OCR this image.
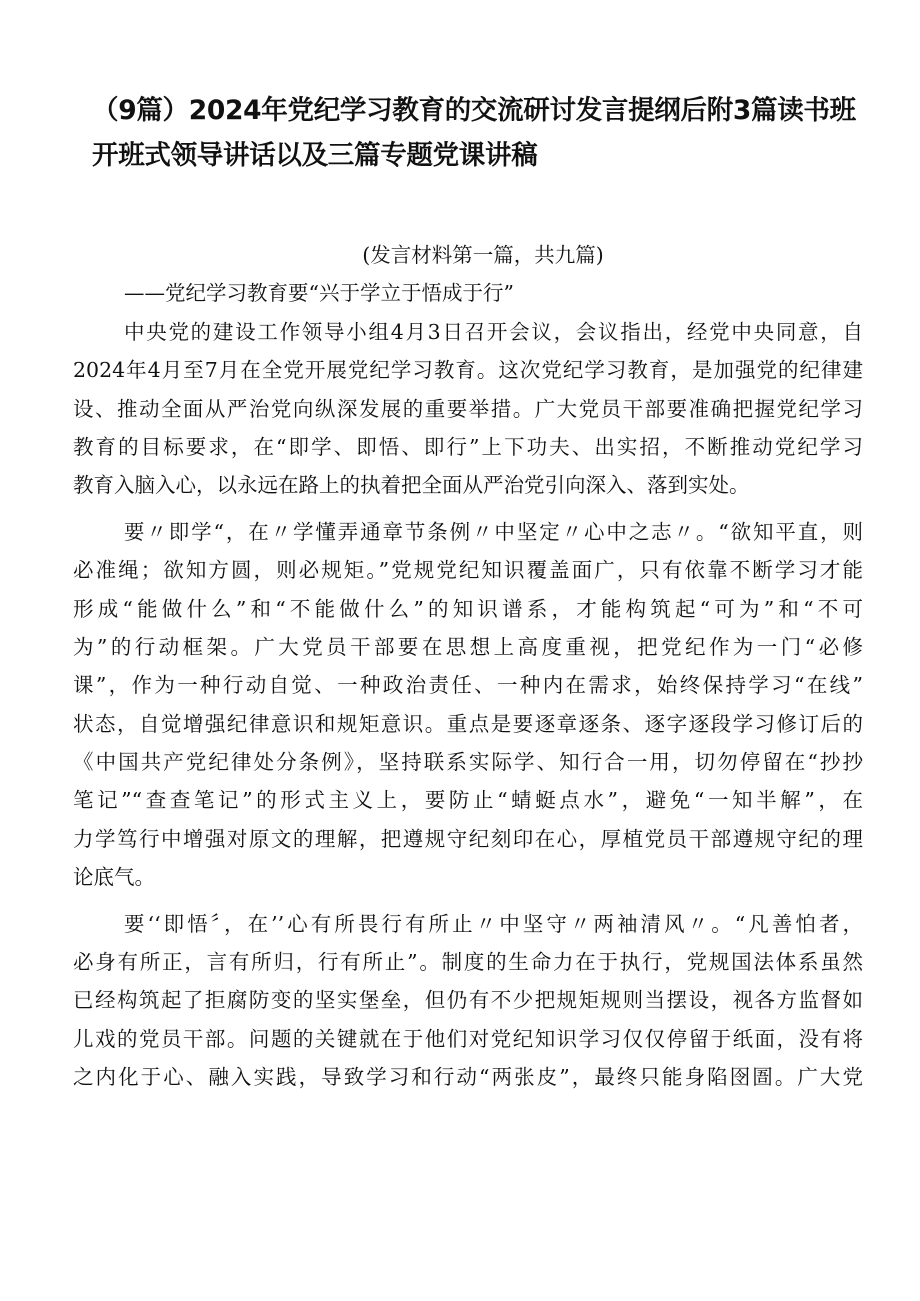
（9篇）2024年党纪学习教育的交流研讨发言提纲后附3篇读书班
开班式领导讲话以及三篇专题党课讲稿
(发言材料第一篇，共九篇)
——党纪学习教育要“兴于学立于悟成于行”
中央党的建设工作领导小组4月3日召开会议，会议指出，经党中央同意，自
2024年4月至7月在全党开展党纪学习教育。这次党纪学习教育，是加强党的纪律建
设、推动全面从严治党向纵深发展的重要举措。广大党员干部要准确把握党纪学习
教育的目标要求，在“即学、即悟、即行”上下功夫、出实招，不断推动党纪学习
教育入脑入心，以永远在路上的执着把全面从严治党引向深入、落到实处。
要〃即学“，在〃学懂弄通章节条例〃中坚定〃心中之志〃。“欲知平直，则
必准绳；欲知方圆，则必规矩。”党规党纪知识覆盖面广，只有依靠不断学习才能
形成“能做什么”和“不能做什么”的知识谱系，才能构筑起“可为”和“不可
为”的行动框架。广大党员干部要在思想上高度重视，把党纪作为一门“必修
课”，作为一种行动自觉、一种政治责任、一种内在需求，始终保持学习“在线”
状态，自觉增强纪律意识和规矩意识。重点是要逐章逐条、逐字逐段学习修订后的
《中国共产党纪律处分条例》，坚持联系实际学、知行合一用，切勿停留在“抄抄
笔记”“查查笔记”的形式主义上，要防止“蜻蜓点水”，避免“一知半解”，在
力学笃行中增强对原文的理解，把遵规守纪刻印在心，厚植党员干部遵规守纪的理
论底气。
要‘‘即悟〞，在’’心有所畏行有所止〃中坚守〃两袖清风〃。“凡善怕者，
必身有所正，言有所归，行有所止”。制度的生命力在于执行，党规国法体系虽然
已经构筑起了拒腐防变的坚实堡垒，但仍有不少把规矩规则当摆设，视各方监督如
儿戏的党员干部。问题的关键就在于他们对党纪知识学习仅仅停留于纸面，没有将
之内化于心、融入实践，导致学习和行动“两张皮”，最终只能身陷囹圄。广大党
